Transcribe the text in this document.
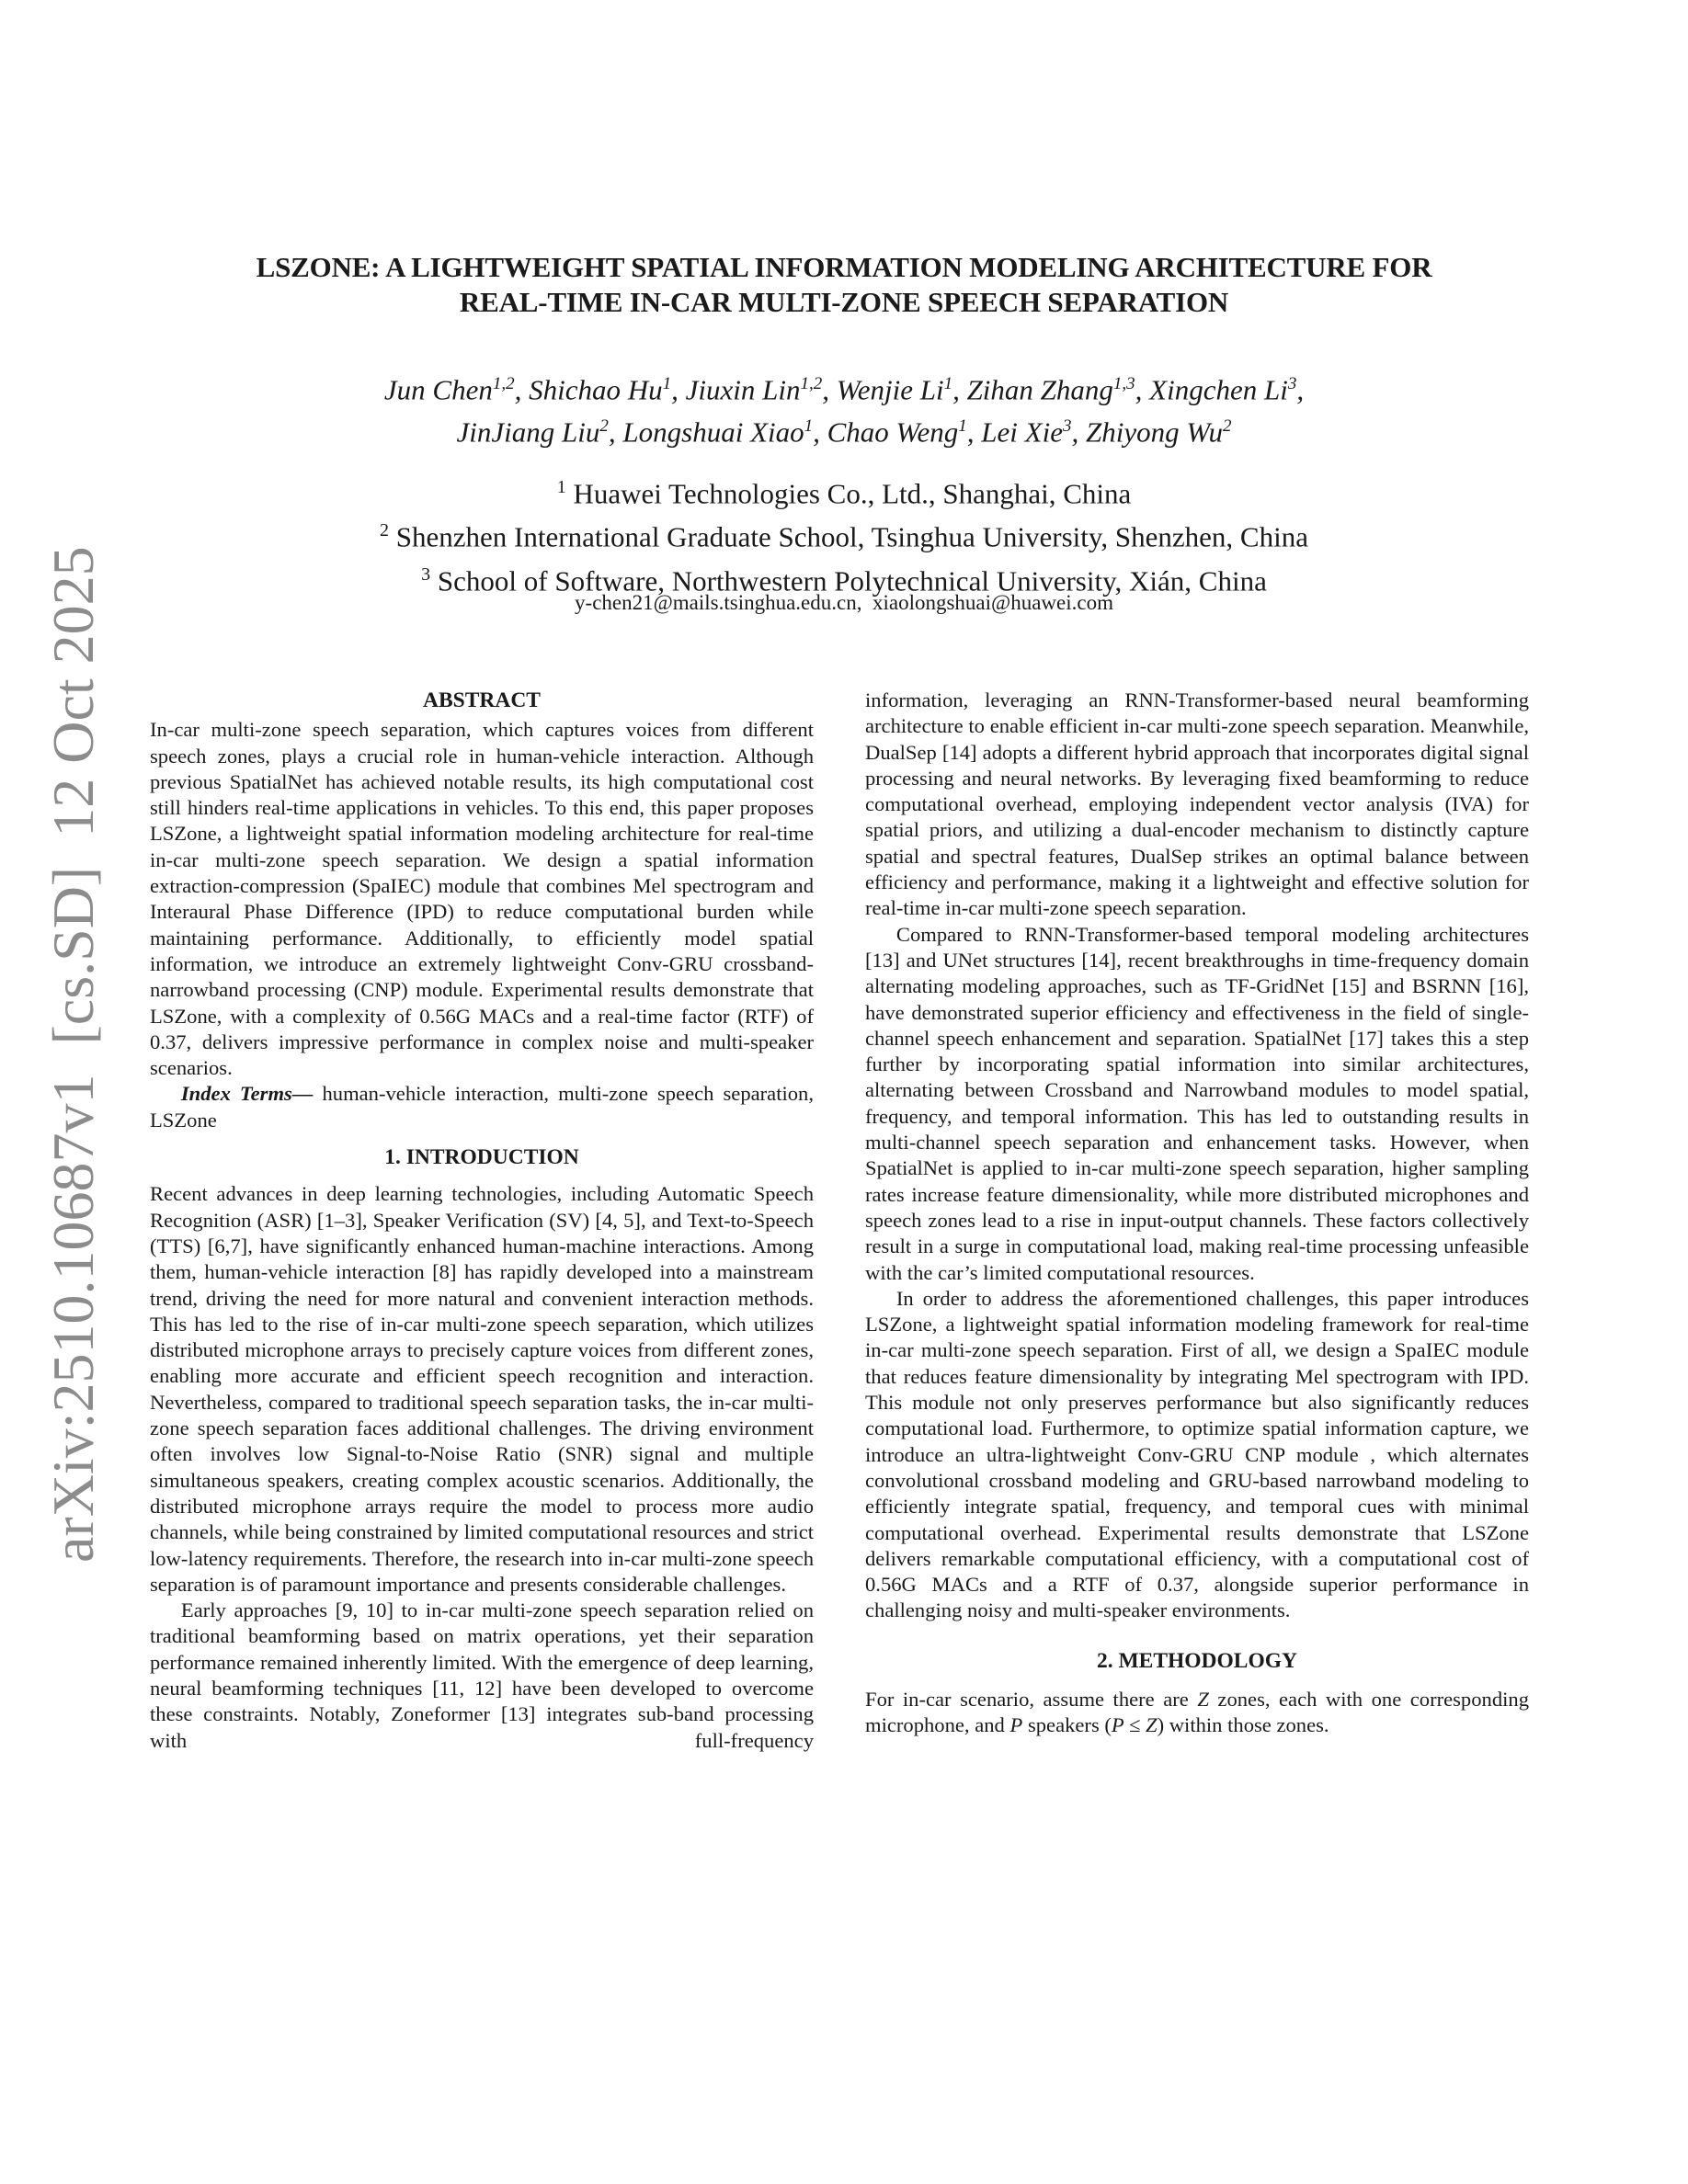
LSZONE: A LIGHTWEIGHT SPATIAL INFORMATION MODELING ARCHITECTURE FOR
REAL-TIME IN-CAR MULTI-ZONE SPEECH SEPARATION
Jun Chen$^{1,2}$, Shichao Hu$^1$, Jiuxin Lin$^{1,2}$, Wenjie Li$^1$, Zihan Zhang$^{1,3}$, Xingchen Li$^3$,
JinJiang Liu$^2$, Longshuai Xiao$^1$, Chao Weng$^1$, Lei Xie$^3$, Zhiyong Wu$^2$
$^1$ Huawei Technologies Co., Ltd., Shanghai, China
$^2$ Shenzhen International Graduate School, Tsinghua University, Shenzhen, China
$^3$ School of Software, Northwestern Polytechnical University, Xián, China
y-chen21@mails.tsinghua.edu.cn,  xiaolongshuai@huawei.com
arXiv:2510.10687v1  [cs.SD]  12 Oct 2025	ABSTRACT

In-car multi-zone speech separation, which captures voices from different speech zones, plays a crucial role in human-vehicle interaction. Although previous SpatialNet has achieved notable results, its high computational cost still hinders real-time applications in vehicles. To this end, this paper proposes LSZone, a lightweight spatial information modeling architecture for real-time in-car multi-zone speech separation. We design a spatial information extraction-compression (SpaIEC) module that combines Mel spectrogram and Interaural Phase Difference (IPD) to reduce computational burden while maintaining performance. Additionally, to efficiently model spatial information, we introduce an extremely lightweight Conv-GRU crossband-narrowband processing (CNP) module. Experimental results demonstrate that LSZone, with a complexity of 0.56G MACs and a real-time factor (RTF) of 0.37, delivers impressive performance in complex noise and multi-speaker scenarios.

Index Terms— human-vehicle interaction, multi-zone speech separation, LSZone

1. INTRODUCTION

Recent advances in deep learning technologies, including Automatic Speech Recognition (ASR) [1–3], Speaker Verification (SV) [4, 5], and Text-to-Speech (TTS) [6,7], have significantly enhanced human-machine interactions. Among them, human-vehicle interaction [8] has rapidly developed into a mainstream trend, driving the need for more natural and convenient interaction methods. This has led to the rise of in-car multi-zone speech separation, which utilizes distributed microphone arrays to precisely capture voices from different zones, enabling more accurate and efficient speech recognition and interaction. Nevertheless, compared to traditional speech separation tasks, the in-car multi-zone speech separation faces additional challenges. The driving environment often involves low Signal-to-Noise Ratio (SNR) signal and multiple simultaneous speakers, creating complex acoustic scenarios. Additionally, the distributed microphone arrays require the model to process more audio channels, while being constrained by limited computational resources and strict low-latency requirements. Therefore, the research into in-car multi-zone speech separation is of paramount importance and presents considerable challenges.

Early approaches [9, 10] to in-car multi-zone speech separation relied on traditional beamforming based on matrix operations, yet their separation performance remained inherently limited. With the emergence of deep learning, neural beamforming techniques [11, 12] have been developed to overcome these constraints. Notably, Zoneformer [13] integrates sub-band processing with full-frequency

information, leveraging an RNN-Transformer-based neural beamforming architecture to enable efficient in-car multi-zone speech separation. Meanwhile, DualSep [14] adopts a different hybrid approach that incorporates digital signal processing and neural networks. By leveraging fixed beamforming to reduce computational overhead, employing independent vector analysis (IVA) for spatial priors, and utilizing a dual-encoder mechanism to distinctly capture spatial and spectral features, DualSep strikes an optimal balance between efficiency and performance, making it a lightweight and effective solution for real-time in-car multi-zone speech separation.

Compared to RNN-Transformer-based temporal modeling architectures [13] and UNet structures [14], recent breakthroughs in time-frequency domain alternating modeling approaches, such as TF-GridNet [15] and BSRNN [16], have demonstrated superior efficiency and effectiveness in the field of single-channel speech enhancement and separation. SpatialNet [17] takes this a step further by incorporating spatial information into similar architectures, alternating between Crossband and Narrowband modules to model spatial, frequency, and temporal information. This has led to outstanding results in multi-channel speech separation and enhancement tasks. However, when SpatialNet is applied to in-car multi-zone speech separation, higher sampling rates increase feature dimensionality, while more distributed microphones and speech zones lead to a rise in input-output channels. These factors collectively result in a surge in computational load, making real-time processing unfeasible with the car’s limited computational resources.

In order to address the aforementioned challenges, this paper introduces LSZone, a lightweight spatial information modeling framework for real-time in-car multi-zone speech separation. First of all, we design a SpaIEC module that reduces feature dimensionality by integrating Mel spectrogram with IPD. This module not only preserves performance but also significantly reduces computational load. Furthermore, to optimize spatial information capture, we introduce an ultra-lightweight Conv-GRU CNP module , which alternates convolutional crossband modeling and GRU-based narrowband modeling to efficiently integrate spatial, frequency, and temporal cues with minimal computational overhead. Experimental results demonstrate that LSZone delivers remarkable computational efficiency, with a computational cost of 0.56G MACs and a RTF of 0.37, alongside superior performance in challenging noisy and multi-speaker environments.

2. METHODOLOGY

For in-car scenario, assume there are Z zones, each with one corresponding microphone, and P speakers (P ≤ Z) within those zones.
